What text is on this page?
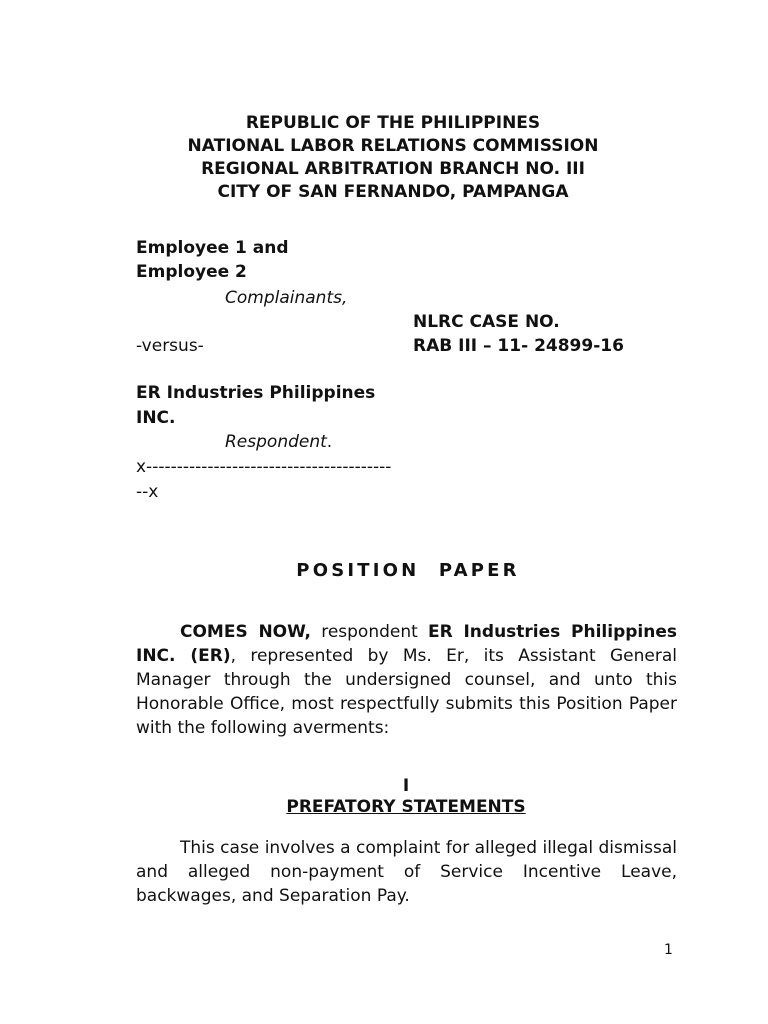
REPUBLIC OF THE PHILIPPINES
NATIONAL LABOR RELATIONS COMMISSION
REGIONAL ARBITRATION BRANCH NO. III
CITY OF SAN FERNANDO, PAMPANGA
Employee 1 and
Employee 2
Complainants,
NLRC CASE NO.
-versus-	RAB III – 11- 24899-16
ER Industries Philippines
INC.
Respondent.
x----------------------------------------
--x
POSITION PAPER
COMES NOW, respondent ER Industries Philippines INC. (ER), represented by Ms. Er, its Assistant General Manager through the undersigned counsel, and unto this Honorable Office, most respectfully submits this Position Paper with the following averments:
I
PREFATORY STATEMENTS
This case involves a complaint for alleged illegal dismissal and alleged non-payment of Service Incentive Leave, backwages, and Separation Pay.
1
